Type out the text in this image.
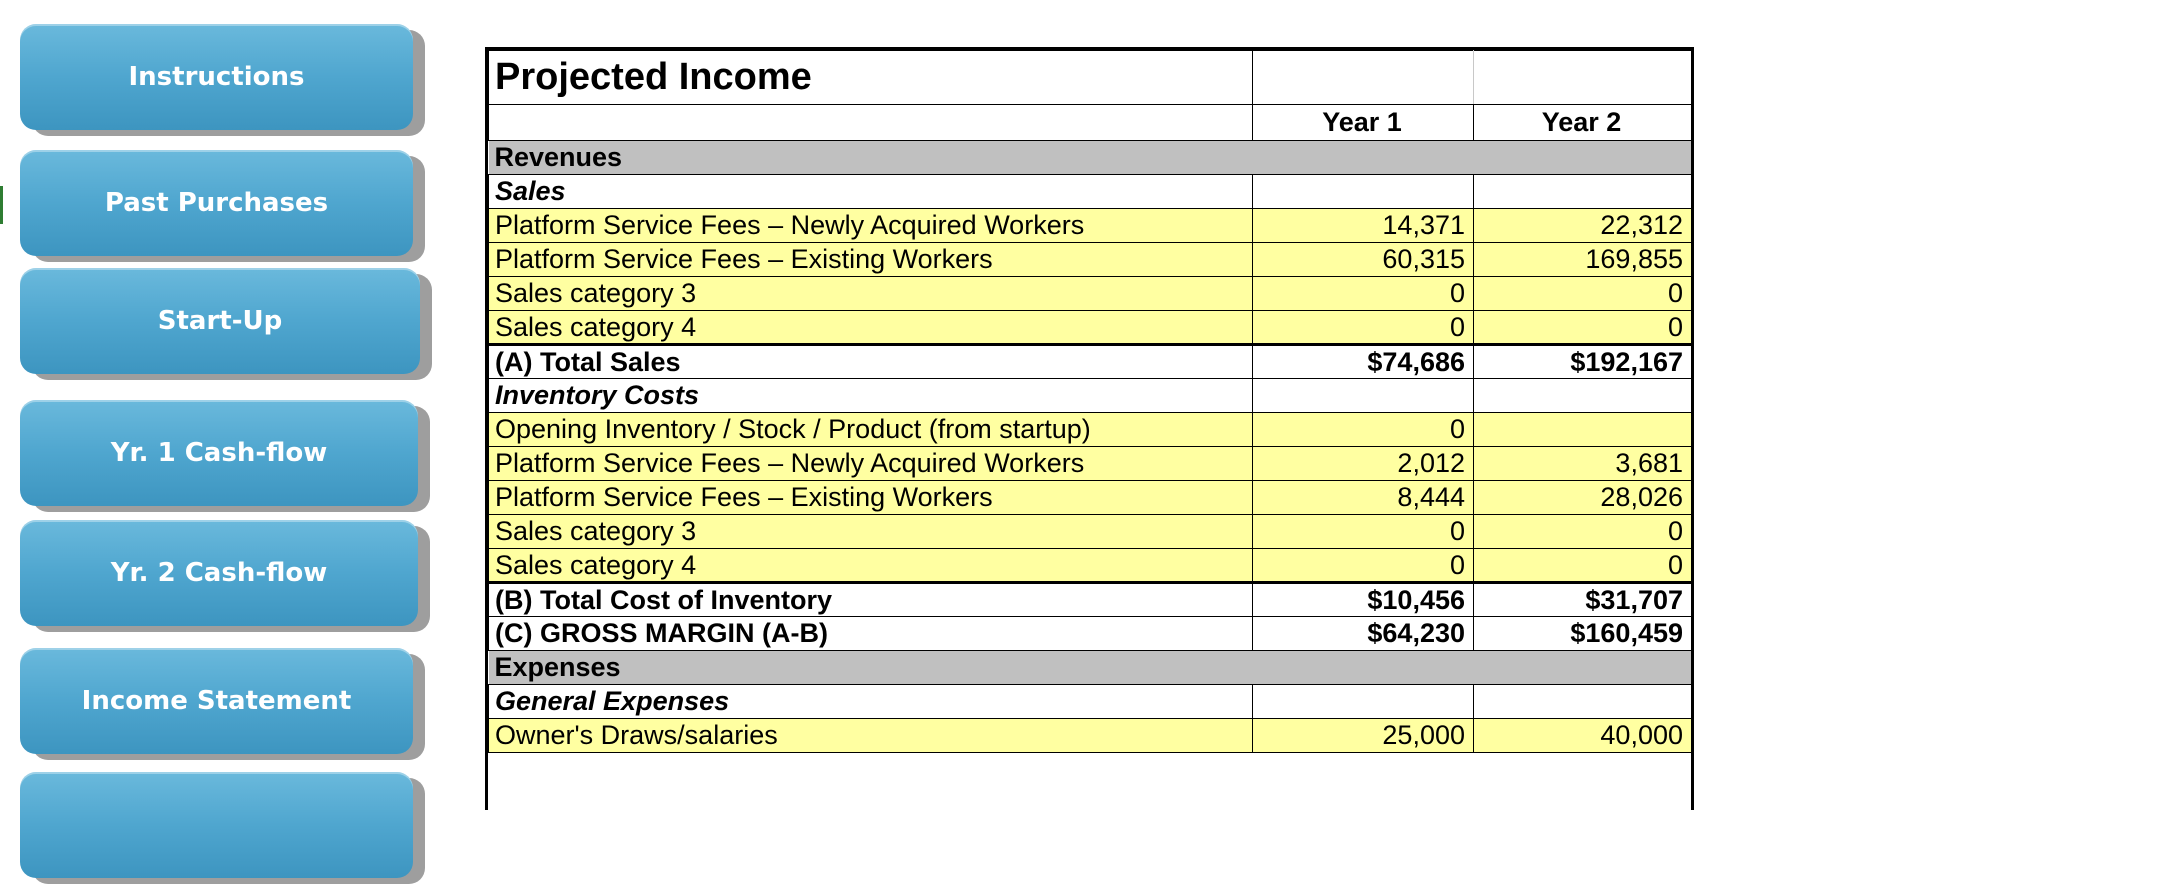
Instructions
Past Purchases
Start-Up
Yr. 1 Cash-flow
Yr. 2 Cash-flow
Income Statement
Projected Income		
	Year 1	Year 2
Revenues		
Sales		
Platform Service Fees – Newly Acquired Workers	14,371	22,312
Platform Service Fees – Existing Workers	60,315	169,855
Sales category 3	0	0
Sales category 4	0	0
(A) Total Sales	$74,686	$192,167
Inventory Costs		
Opening Inventory / Stock / Product (from startup)	0	
Platform Service Fees – Newly Acquired Workers	2,012	3,681
Platform Service Fees – Existing Workers	8,444	28,026
Sales category 3	0	0
Sales category 4	0	0
(B) Total Cost of Inventory	$10,456	$31,707
(C) GROSS MARGIN (A-B)	$64,230	$160,459
Expenses		
General Expenses		
Owner's Draws/salaries	25,000	40,000
